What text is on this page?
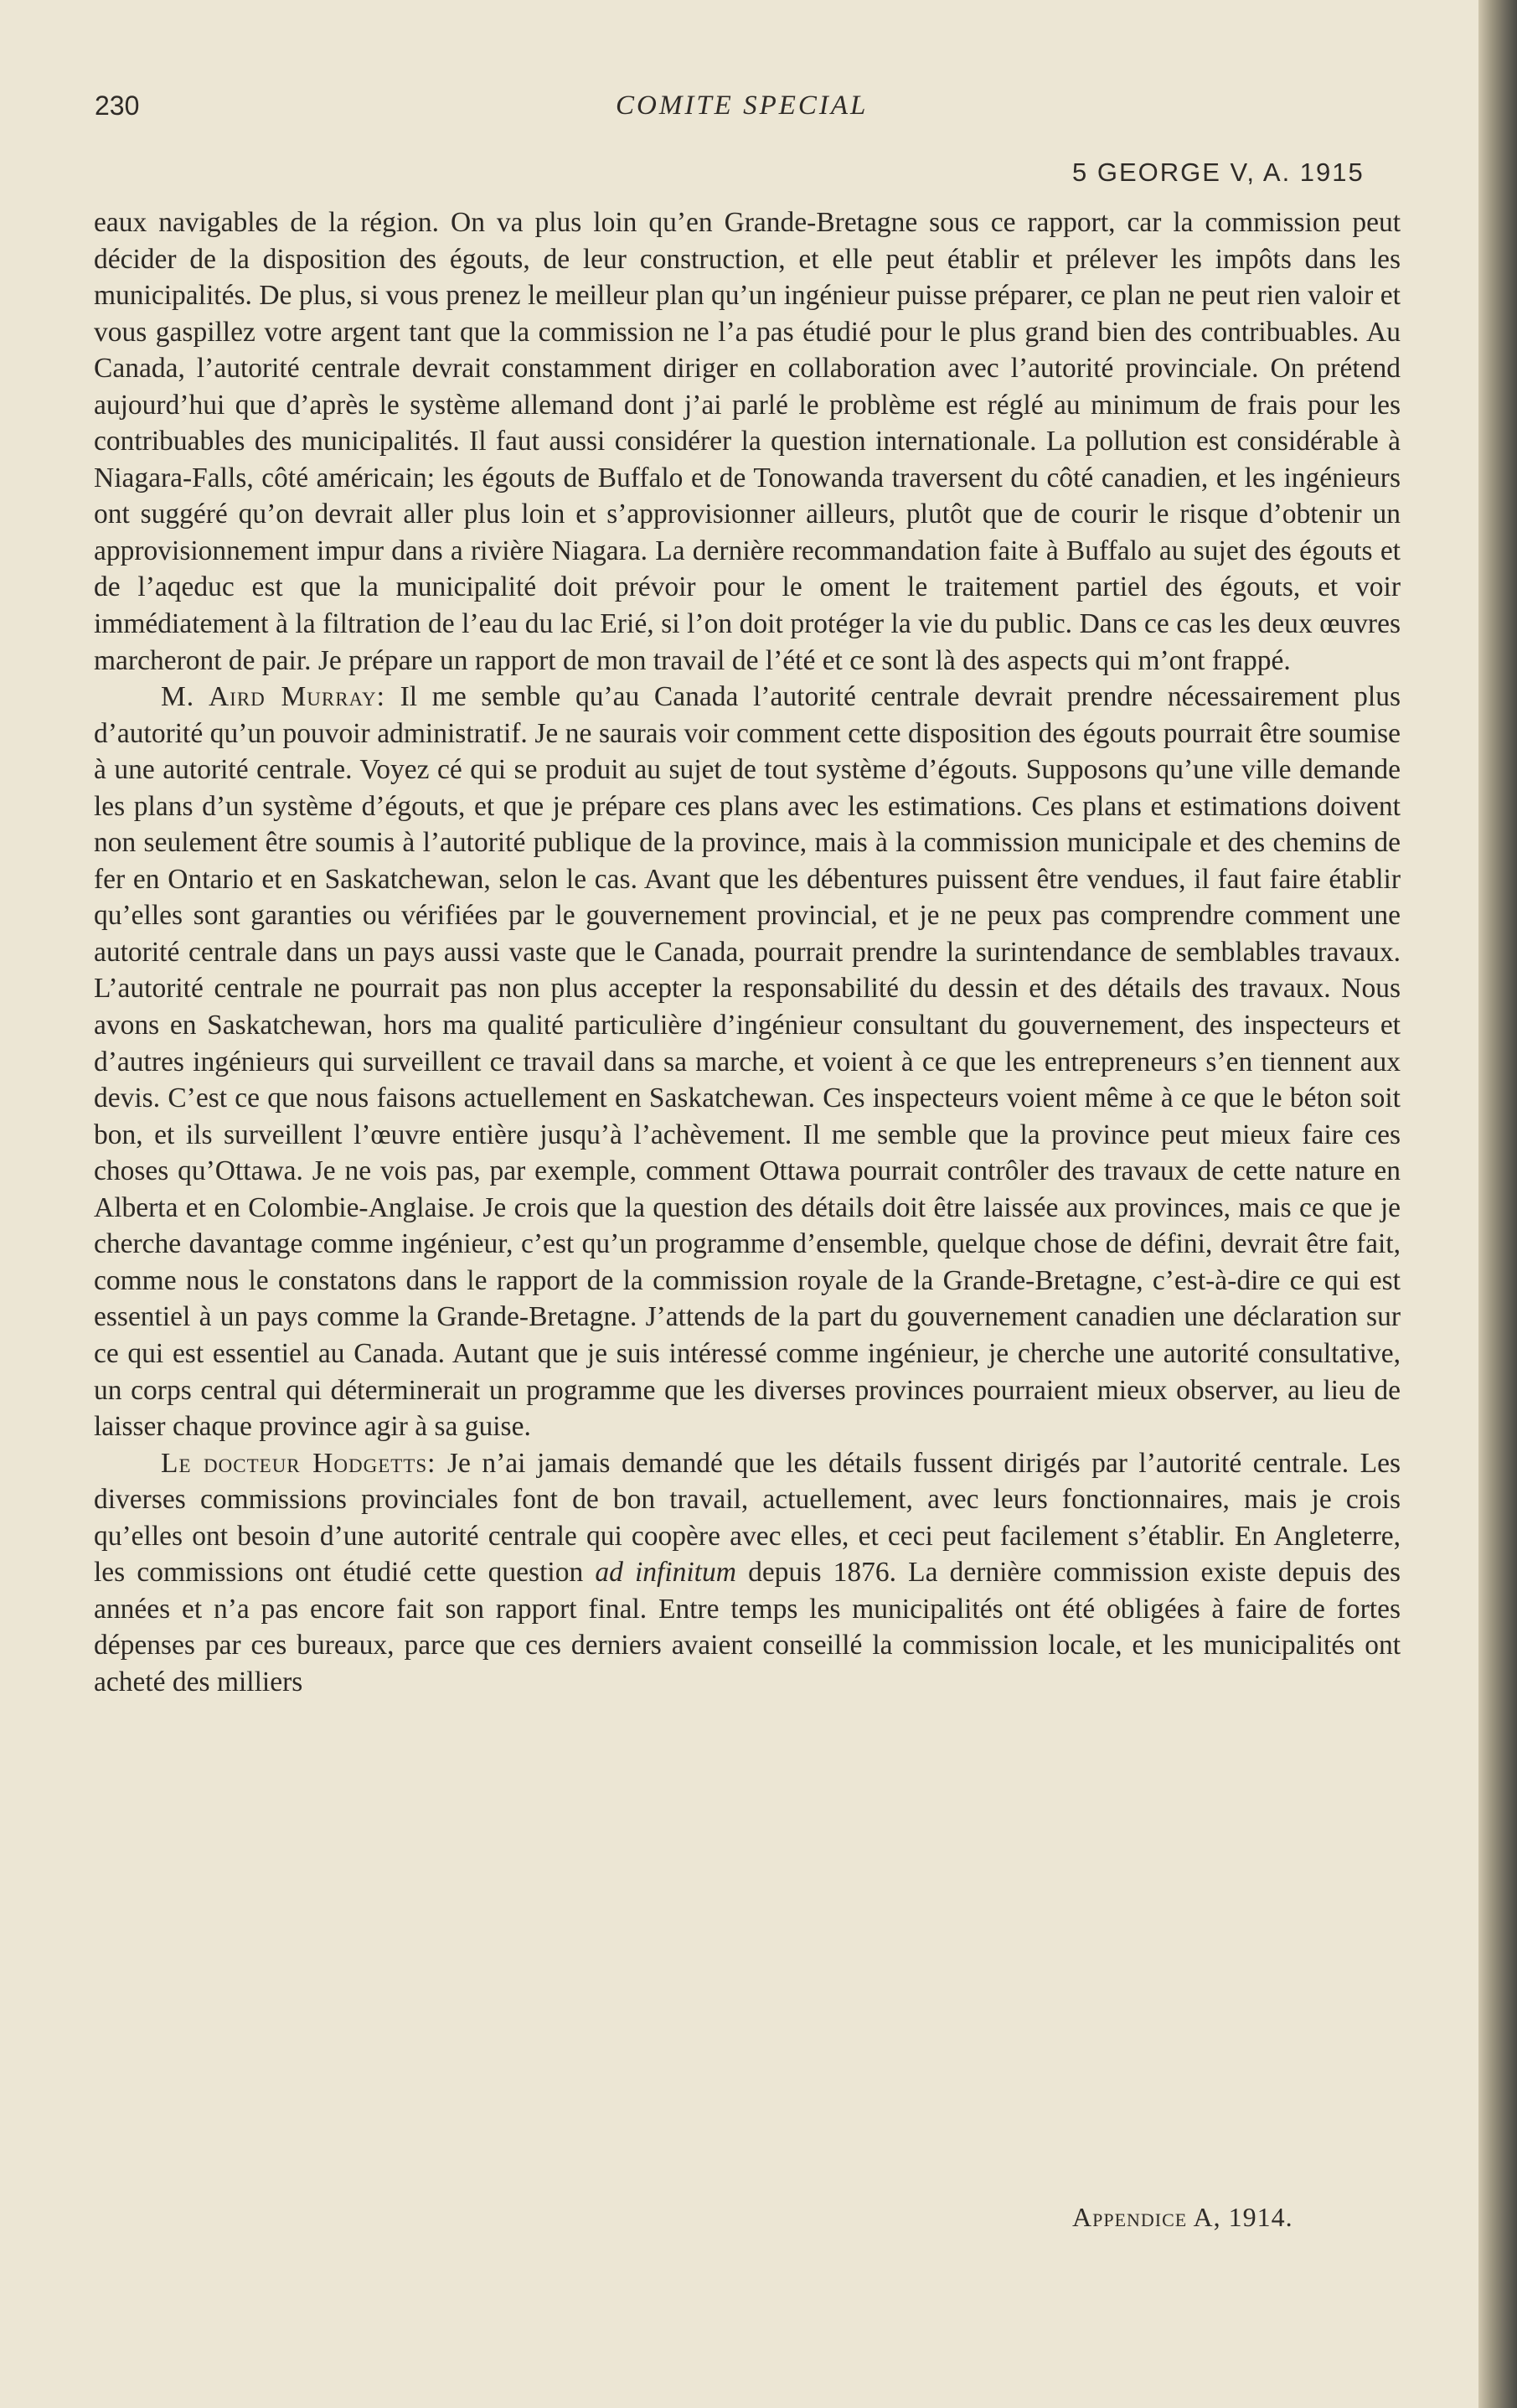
230	COMITE SPECIAL
5 GEORGE V, A. 1915

eaux navigables de la région. On va plus loin qu’en Grande-Bretagne sous ce rapport, car la commission peut décider de la disposition des égouts, de leur construction, et elle peut établir et prélever les impôts dans les municipalités. De plus, si vous prenez le meilleur plan qu’un ingénieur puisse préparer, ce plan ne peut rien valoir et vous gaspillez votre argent tant que la commission ne l’a pas étudié pour le plus grand bien des contribuables. Au Canada, l’autorité centrale devrait constamment diriger en collaboration avec l’autorité provinciale. On prétend aujourd’hui que d’après le système allemand dont j’ai parlé le problème est réglé au minimum de frais pour les contribuables des municipalités. Il faut aussi considérer la question internationale. La pollution est considérable à Niagara-Falls, côté américain; les égouts de Buffalo et de Tonowanda traversent du côté canadien, et les ingénieurs ont suggéré qu’on devrait aller plus loin et s’approvisionner ailleurs, plutôt que de courir le risque d’obtenir un approvisionnement impur dans a rivière Niagara. La dernière recommandation faite à Buffalo au sujet des égouts et de l’aqeduc est que la municipalité doit prévoir pour le oment le traitement partiel des égouts, et voir immédiatement à la filtration de l’eau du lac Erié, si l’on doit protéger la vie du public. Dans ce cas les deux œuvres marcheront de pair. Je prépare un rapport de mon travail de l’été et ce sont là des aspects qui m’ont frappé.

M. Aird Murray: Il me semble qu’au Canada l’autorité centrale devrait prendre nécessairement plus d’autorité qu’un pouvoir administratif. Je ne saurais voir comment cette disposition des égouts pourrait être soumise à une autorité centrale. Voyez cé qui se produit au sujet de tout système d’égouts. Supposons qu’une ville demande les plans d’un système d’égouts, et que je prépare ces plans avec les estimations. Ces plans et estimations doivent non seulement être soumis à l’autorité publique de la province, mais à la commission municipale et des chemins de fer en Ontario et en Saskatchewan, selon le cas. Avant que les débentures puissent être vendues, il faut faire établir qu’elles sont garanties ou vérifiées par le gouvernement provincial, et je ne peux pas comprendre comment une autorité centrale dans un pays aussi vaste que le Canada, pourrait prendre la surintendance de semblables travaux. L’autorité centrale ne pourrait pas non plus accepter la responsabilité du dessin et des détails des travaux. Nous avons en Saskatchewan, hors ma qualité particulière d’ingénieur consultant du gouvernement, des inspecteurs et d’autres ingénieurs qui surveillent ce travail dans sa marche, et voient à ce que les entrepreneurs s’en tiennent aux devis. C’est ce que nous faisons actuellement en Saskatchewan. Ces inspecteurs voient même à ce que le béton soit bon, et ils surveillent l’œuvre entière jusqu’à l’achèvement. Il me semble que la province peut mieux faire ces choses qu’Ottawa. Je ne vois pas, par exemple, comment Ottawa pourrait contrôler des travaux de cette nature en Alberta et en Colombie-Anglaise. Je crois que la question des détails doit être laissée aux provinces, mais ce que je cherche davantage comme ingénieur, c’est qu’un programme d’ensemble, quelque chose de défini, devrait être fait, comme nous le constatons dans le rapport de la commission royale de la Grande-Bretagne, c’est-à-dire ce qui est essentiel à un pays comme la Grande-Bretagne. J’attends de la part du gouvernement canadien une déclaration sur ce qui est essentiel au Canada. Autant que je suis intéressé comme ingénieur, je cherche une autorité consultative, un corps central qui déterminerait un programme que les diverses provinces pourraient mieux observer, au lieu de laisser chaque province agir à sa guise.

Le docteur Hodgetts: Je n’ai jamais demandé que les détails fussent dirigés par l’autorité centrale. Les diverses commissions provinciales font de bon travail, actuellement, avec leurs fonctionnaires, mais je crois qu’elles ont besoin d’une autorité centrale qui coopère avec elles, et ceci peut facilement s’établir. En Angleterre, les commissions ont étudié cette question ad infinitum depuis 1876. La dernière commission existe depuis des années et n’a pas encore fait son rapport final. Entre temps les municipalités ont été obligées à faire de fortes dépenses par ces bureaux, parce que ces derniers avaient conseillé la commission locale, et les municipalités ont acheté des milliers

Appendice A, 1914.
